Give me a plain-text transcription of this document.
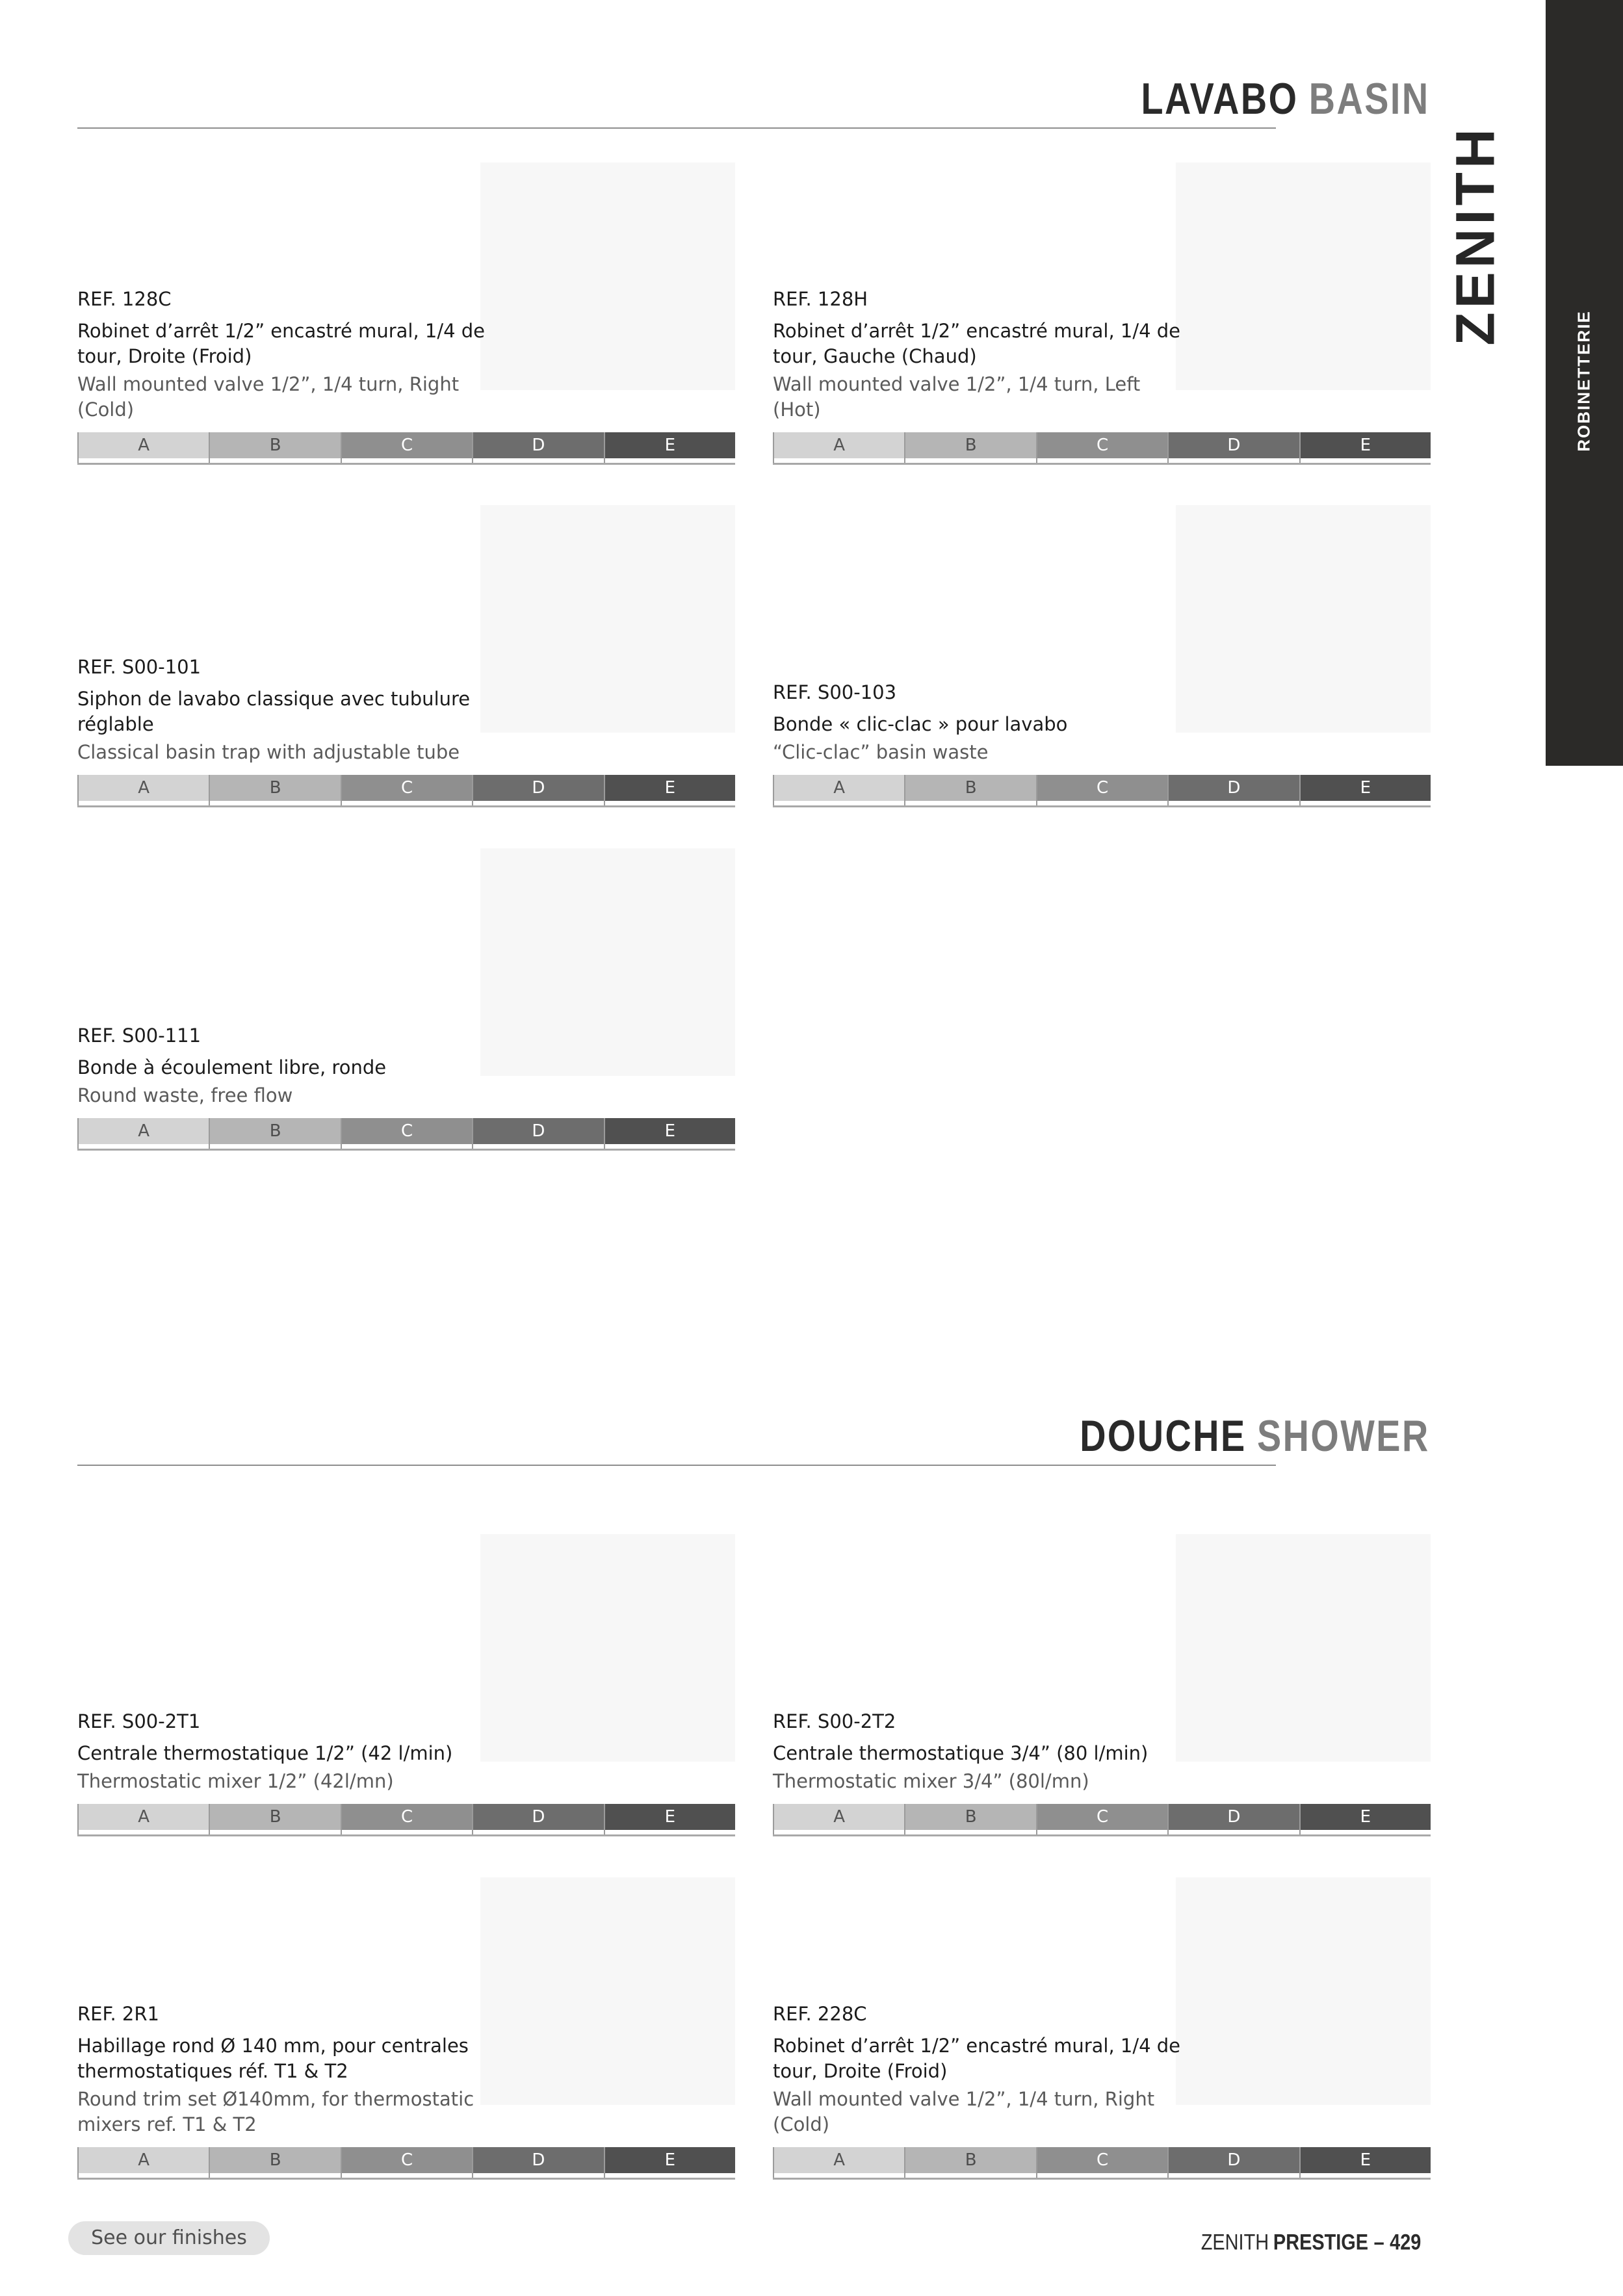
ROBINETTERIE
ZENITH
LAVABO BASIN
REF. 128C
Robinet d’arrêt 1/2” encastré mural, 1/4 de tour, Droite (Froid)
Wall mounted valve 1/2”, 1/4 turn, Right (Cold)
A	B	C	D	E
REF. 128H
Robinet d’arrêt 1/2” encastré mural, 1/4 de tour, Gauche (Chaud)
Wall mounted valve 1/2”, 1/4 turn, Left (Hot)
A	B	C	D	E
REF. S00-101
Siphon de lavabo classique avec tubulure réglable
Classical basin trap with adjustable tube
A	B	C	D	E
REF. S00-103
Bonde « clic-clac » pour lavabo
“Clic-clac” basin waste
A	B	C	D	E
REF. S00-111
Bonde à écoulement libre, ronde
Round waste, free flow
A	B	C	D	E
DOUCHE SHOWER
REF. S00-2T1
Centrale thermostatique 1/2” (42 l/min)
Thermostatic mixer 1/2” (42l/mn)
A	B	C	D	E
REF. S00-2T2
Centrale thermostatique 3/4” (80 l/min)
Thermostatic mixer 3/4” (80l/mn)
A	B	C	D	E
REF. 2R1
Habillage rond Ø 140 mm, pour centrales thermostatiques réf. T1 & T2
Round trim set Ø140mm, for thermostatic mixers ref. T1 & T2
A	B	C	D	E
REF. 228C
Robinet d’arrêt 1/2” encastré mural, 1/4 de tour, Droite (Froid)
Wall mounted valve 1/2”, 1/4 turn, Right (Cold)
A	B	C	D	E
See our finishes	ZENITH PRESTIGE – 429
